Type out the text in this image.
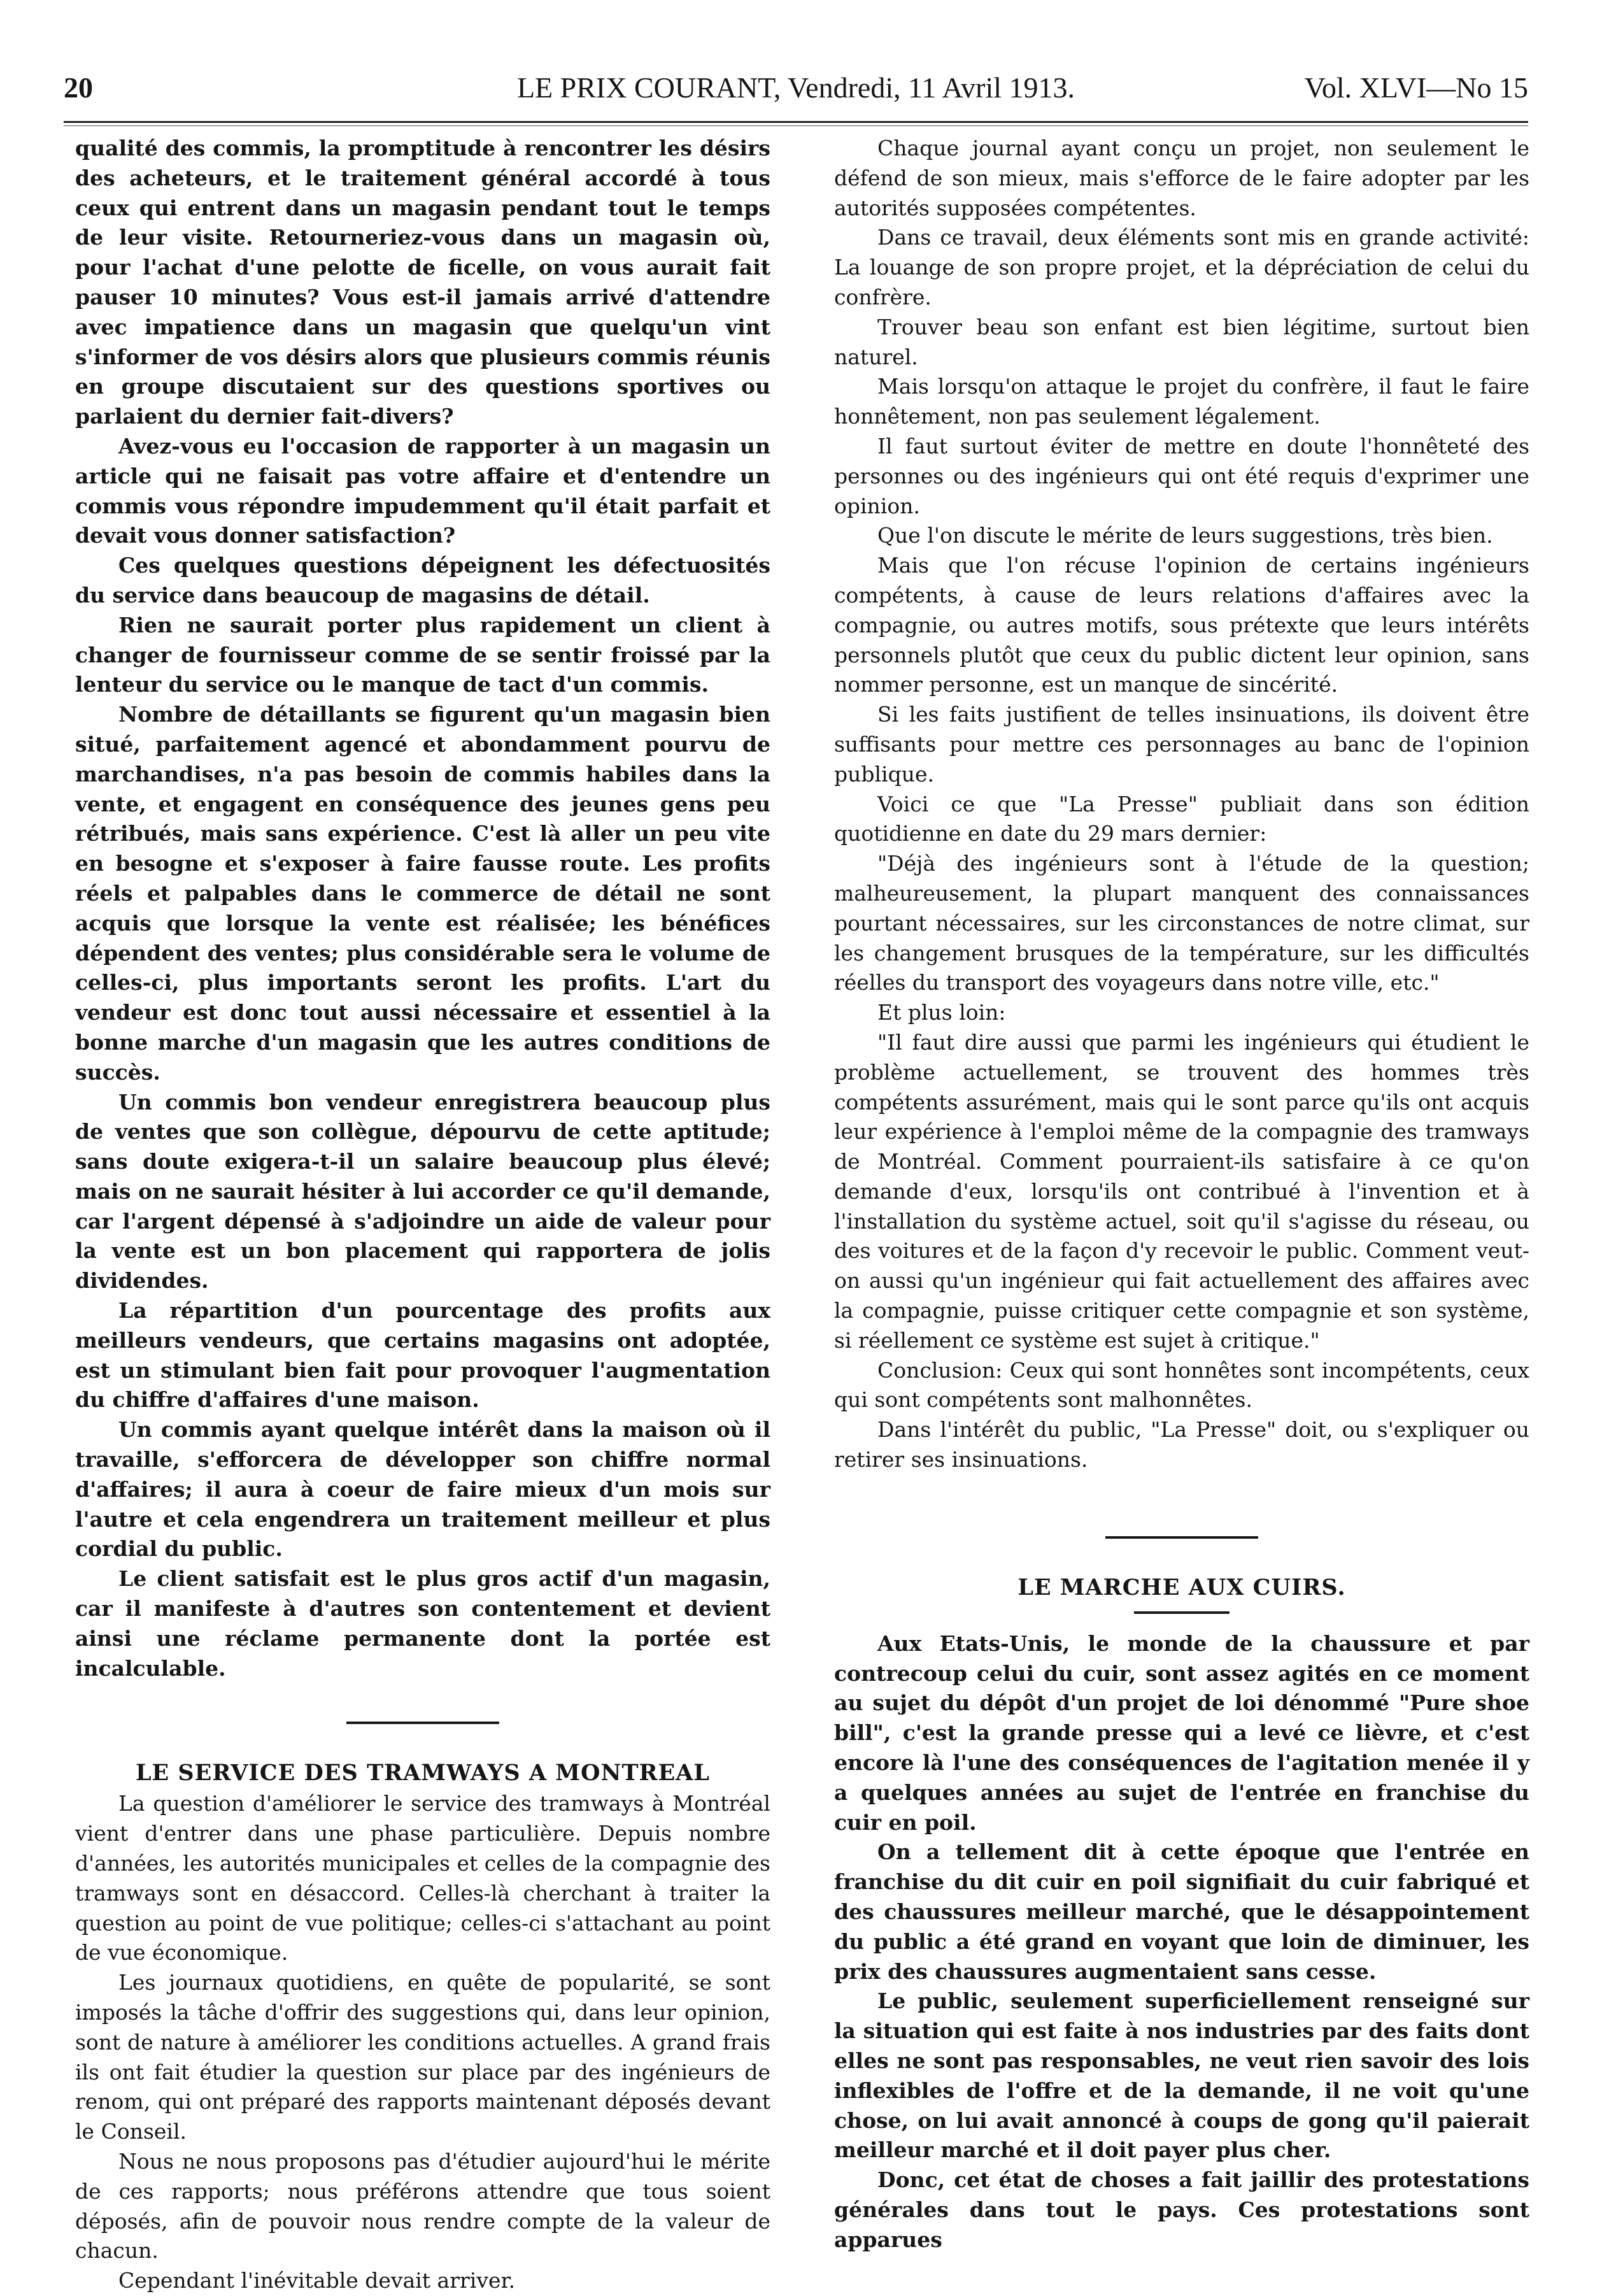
20	LE PRIX COURANT, Vendredi, 11 Avril 1913.	Vol. XLVI—No 15

qualité des commis, la promptitude à rencontrer les désirs des acheteurs, et le traitement général accordé à tous ceux qui entrent dans un magasin pendant tout le temps de leur visite. Retourneriez-vous dans un magasin où, pour l'achat d'une pelotte de ficelle, on vous aurait fait pauser 10 minutes? Vous est-il jamais arrivé d'attendre avec impatience dans un magasin que quelqu'un vint s'informer de vos désirs alors que plusieurs commis réunis en groupe discutaient sur des questions sportives ou parlaient du dernier fait-divers?

Avez-vous eu l'occasion de rapporter à un magasin un article qui ne faisait pas votre affaire et d'entendre un commis vous répondre impudemment qu'il était parfait et devait vous donner satisfaction?

Ces quelques questions dépeignent les défectuosités du service dans beaucoup de magasins de détail.

Rien ne saurait porter plus rapidement un client à changer de fournisseur comme de se sentir froissé par la lenteur du service ou le manque de tact d'un commis.

Nombre de détaillants se figurent qu'un magasin bien situé, parfaitement agencé et abondamment pourvu de marchandises, n'a pas besoin de commis habiles dans la vente, et engagent en conséquence des jeunes gens peu rétribués, mais sans expérience. C'est là aller un peu vite en besogne et s'exposer à faire fausse route. Les profits réels et palpables dans le commerce de détail ne sont acquis que lorsque la vente est réalisée; les bénéfices dépendent des ventes; plus considérable sera le volume de celles-ci, plus importants seront les profits. L'art du vendeur est donc tout aussi nécessaire et essentiel à la bonne marche d'un magasin que les autres conditions de succès.

Un commis bon vendeur enregistrera beaucoup plus de ventes que son collègue, dépourvu de cette aptitude; sans doute exigera-t-il un salaire beaucoup plus élevé; mais on ne saurait hésiter à lui accorder ce qu'il demande, car l'argent dépensé à s'adjoindre un aide de valeur pour la vente est un bon placement qui rapportera de jolis dividendes.

La répartition d'un pourcentage des profits aux meilleurs vendeurs, que certains magasins ont adoptée, est un stimulant bien fait pour provoquer l'augmentation du chiffre d'affaires d'une maison.

Un commis ayant quelque intérêt dans la maison où il travaille, s'efforcera de développer son chiffre normal d'affaires; il aura à coeur de faire mieux d'un mois sur l'autre et cela engendrera un traitement meilleur et plus cordial du public.

Le client satisfait est le plus gros actif d'un magasin, car il manifeste à d'autres son contentement et devient ainsi une réclame permanente dont la portée est incalculable.

LE SERVICE DES TRAMWAYS A MONTREAL

La question d'améliorer le service des tramways à Montréal vient d'entrer dans une phase particulière. Depuis nombre d'années, les autorités municipales et celles de la compagnie des tramways sont en désaccord. Celles-là cherchant à traiter la question au point de vue politique; celles-ci s'attachant au point de vue économique.

Les journaux quotidiens, en quête de popularité, se sont imposés la tâche d'offrir des suggestions qui, dans leur opinion, sont de nature à améliorer les conditions actuelles. A grand frais ils ont fait étudier la question sur place par des ingénieurs de renom, qui ont préparé des rapports maintenant déposés devant le Conseil.

Nous ne nous proposons pas d'étudier aujourd'hui le mérite de ces rapports; nous préférons attendre que tous soient déposés, afin de pouvoir nous rendre compte de la valeur de chacun.

Cependant l'inévitable devait arriver.

Chaque journal ayant conçu un projet, non seulement le défend de son mieux, mais s'efforce de le faire adopter par les autorités supposées compétentes.

Dans ce travail, deux éléments sont mis en grande activité: La louange de son propre projet, et la dépréciation de celui du confrère.

Trouver beau son enfant est bien légitime, surtout bien naturel.

Mais lorsqu'on attaque le projet du confrère, il faut le faire honnêtement, non pas seulement légalement.

Il faut surtout éviter de mettre en doute l'honnêteté des personnes ou des ingénieurs qui ont été requis d'exprimer une opinion.

Que l'on discute le mérite de leurs suggestions, très bien.

Mais que l'on récuse l'opinion de certains ingénieurs compétents, à cause de leurs relations d'affaires avec la compagnie, ou autres motifs, sous prétexte que leurs intérêts personnels plutôt que ceux du public dictent leur opinion, sans nommer personne, est un manque de sincérité.

Si les faits justifient de telles insinuations, ils doivent être suffisants pour mettre ces personnages au banc de l'opinion publique.

Voici ce que "La Presse" publiait dans son édition quotidienne en date du 29 mars dernier:

"Déjà des ingénieurs sont à l'étude de la question; malheureusement, la plupart manquent des connaissances pourtant nécessaires, sur les circonstances de notre climat, sur les changement brusques de la température, sur les difficultés réelles du transport des voyageurs dans notre ville, etc."

Et plus loin:

"Il faut dire aussi que parmi les ingénieurs qui étudient le problème actuellement, se trouvent des hommes très compétents assurément, mais qui le sont parce qu'ils ont acquis leur expérience à l'emploi même de la compagnie des tramways de Montréal. Comment pourraient-ils satisfaire à ce qu'on demande d'eux, lorsqu'ils ont contribué à l'invention et à l'installation du système actuel, soit qu'il s'agisse du réseau, ou des voitures et de la façon d'y recevoir le public. Comment veut-on aussi qu'un ingénieur qui fait actuellement des affaires avec la compagnie, puisse critiquer cette compagnie et son système, si réellement ce système est sujet à critique."

Conclusion: Ceux qui sont honnêtes sont incompétents, ceux qui sont compétents sont malhonnêtes.

Dans l'intérêt du public, "La Presse" doit, ou s'expliquer ou retirer ses insinuations.

LE MARCHE AUX CUIRS.

Aux Etats-Unis, le monde de la chaussure et par contrecoup celui du cuir, sont assez agités en ce moment au sujet du dépôt d'un projet de loi dénommé "Pure shoe bill", c'est la grande presse qui a levé ce lièvre, et c'est encore là l'une des conséquences de l'agitation menée il y a quelques années au sujet de l'entrée en franchise du cuir en poil.

On a tellement dit à cette époque que l'entrée en franchise du dit cuir en poil signifiait du cuir fabriqué et des chaussures meilleur marché, que le désappointement du public a été grand en voyant que loin de diminuer, les prix des chaussures augmentaient sans cesse.

Le public, seulement superficiellement renseigné sur la situation qui est faite à nos industries par des faits dont elles ne sont pas responsables, ne veut rien savoir des lois inflexibles de l'offre et de la demande, il ne voit qu'une chose, on lui avait annoncé à coups de gong qu'il paierait meilleur marché et il doit payer plus cher.

Donc, cet état de choses a fait jaillir des protestations générales dans tout le pays. Ces protestations sont apparues
